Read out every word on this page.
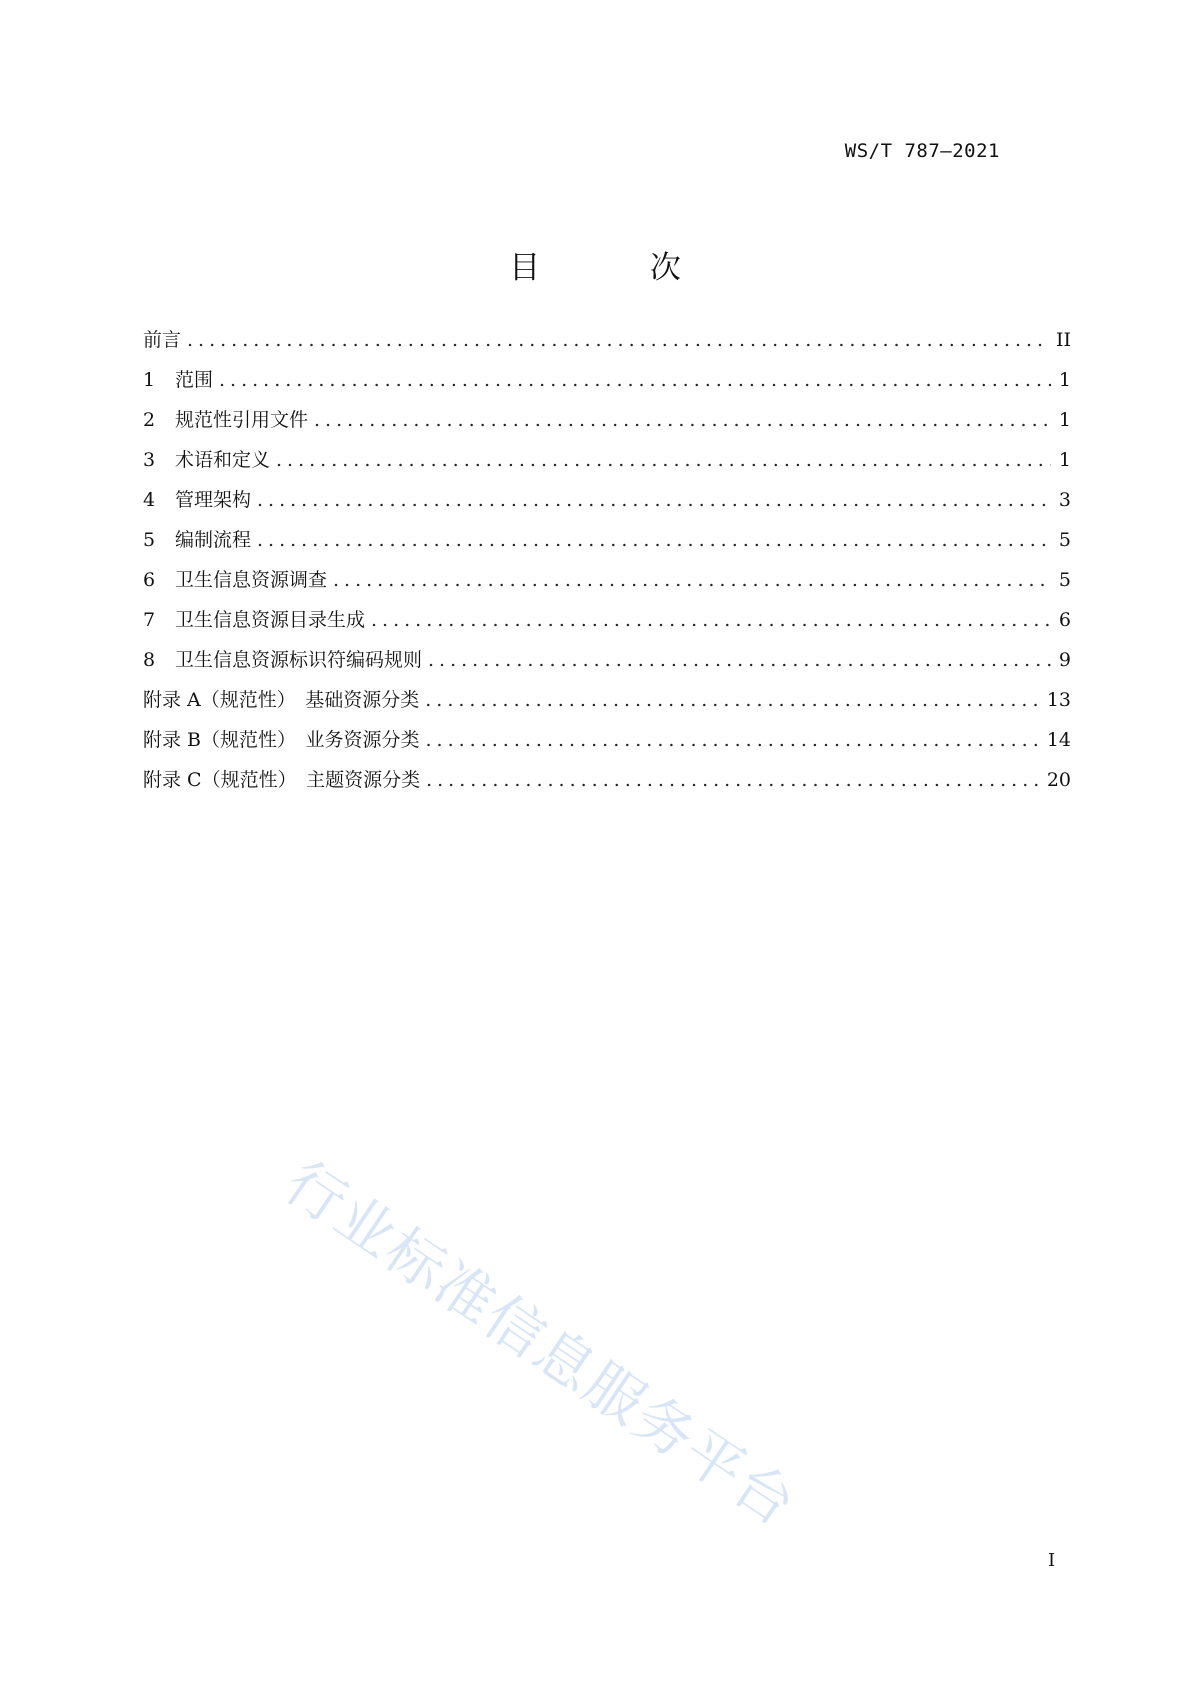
WS/T 787—2021
目 次
前言 .....	II
1	范围 .....	1
2	规范性引用文件 .....	1
3	术语和定义 .....	1
4	管理架构 .....	3
5	编制流程 .....	5
6	卫生信息资源调查 .....	5
7	卫生信息资源目录生成 .....	6
8	卫生信息资源标识符编码规则 .....	9
附录 A（规范性）　基础资源分类 .....	13
附录 B（规范性）　业务资源分类 .....	14
附录 C（规范性）　主题资源分类 .....	20
行业标准信息服务平台
I
